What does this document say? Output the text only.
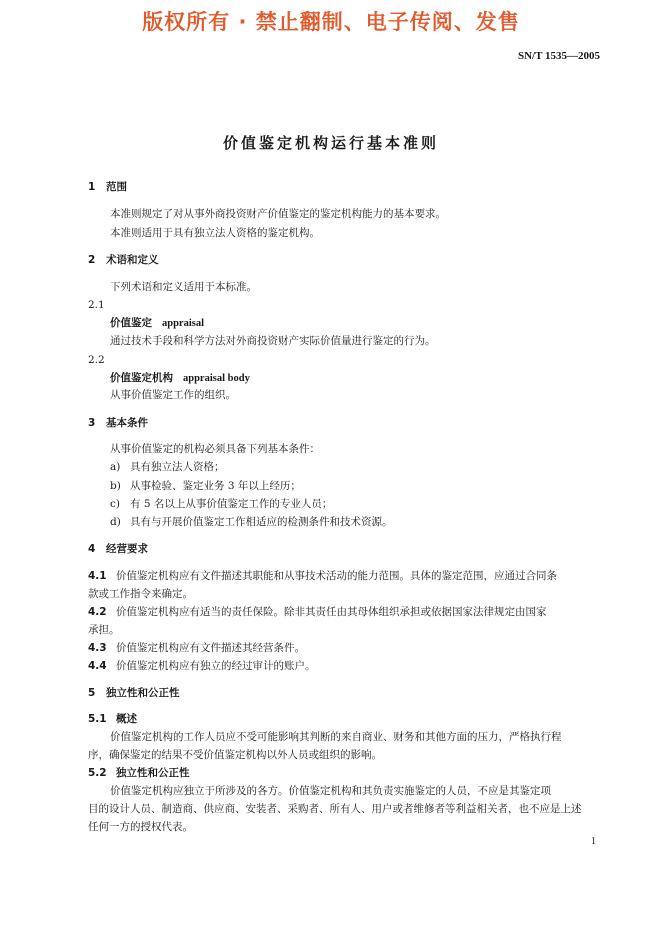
版权所有 · 禁止翻制、电子传阅、发售
SN/T 1535—2005
价值鉴定机构运行基本准则
1 范围
本准则规定了对从事外商投资财产价值鉴定的鉴定机构能力的基本要求。
本准则适用于具有独立法人资格的鉴定机构。
2 术语和定义
下列术语和定义适用于本标准。
2.1
价值鉴定 appraisal
通过技术手段和科学方法对外商投资财产实际价值量进行鉴定的行为。
2.2
价值鉴定机构 appraisal body
从事价值鉴定工作的组织。
3 基本条件
从事价值鉴定的机构必须具备下列基本条件：
a) 具有独立法人资格；
b) 从事检验、鉴定业务 3 年以上经历；
c) 有 5 名以上从事价值鉴定工作的专业人员；
d) 具有与开展价值鉴定工作相适应的检测条件和技术资源。
4 经营要求
4.1 价值鉴定机构应有文件描述其职能和从事技术活动的能力范围。具体的鉴定范围，应通过合同条
款或工作指令来确定。
4.2 价值鉴定机构应有适当的责任保险。除非其责任由其母体组织承担或依据国家法律规定由国家
承担。
4.3 价值鉴定机构应有文件描述其经营条件。
4.4 价值鉴定机构应有独立的经过审计的账户。
5 独立性和公正性
5.1 概述
价值鉴定机构的工作人员应不受可能影响其判断的来自商业、财务和其他方面的压力，严格执行程
序，确保鉴定的结果不受价值鉴定机构以外人员或组织的影响。
5.2 独立性和公正性
价值鉴定机构应独立于所涉及的各方。价值鉴定机构和其负责实施鉴定的人员，不应是其鉴定项
目的设计人员、制造商、供应商、安装者、采购者、所有人、用户或者维修者等利益相关者，也不应是上述
任何一方的授权代表。
1
